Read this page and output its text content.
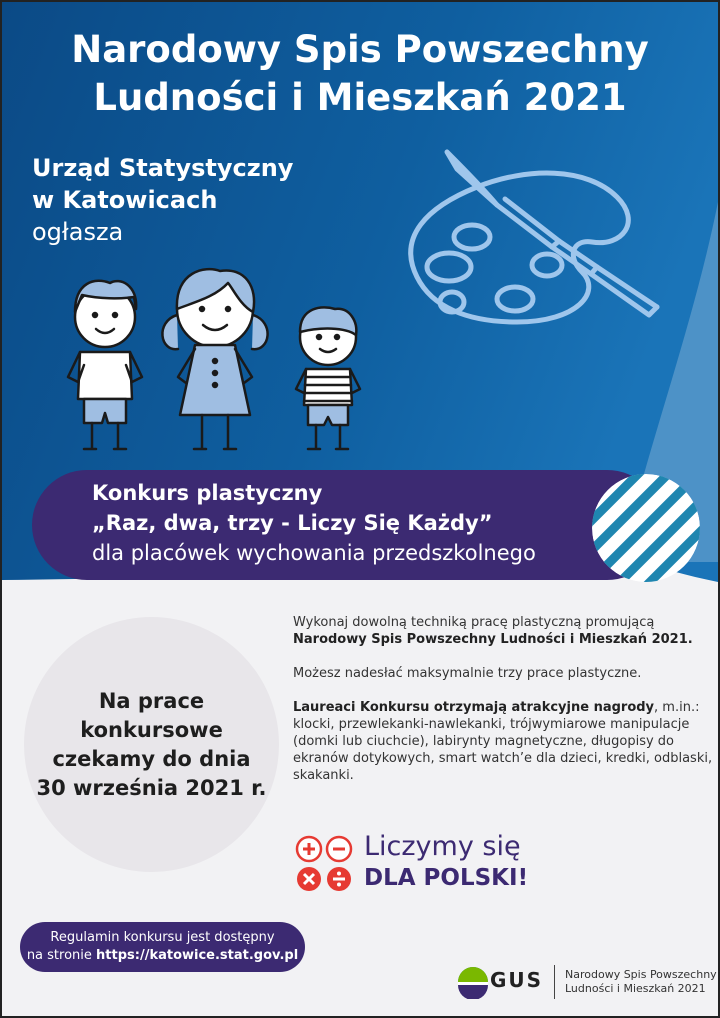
Narodowy Spis Powszechny
Ludności i Mieszkań 2021
Urząd Statystyczny
w Katowicach
ogłasza
Konkurs plastyczny
„Raz, dwa, trzy - Liczy Się Każdy”
dla placówek wychowania przedszkolnego
Na prace
konkursowe
czekamy do dnia
30 września 2021 r.

Wykonaj dowolną techniką pracę plastyczną promującą
Narodowy Spis Powszechny Ludności i Mieszkań 2021.

Możesz nadesłać maksymalnie trzy prace plastyczne.

Laureaci Konkursu otrzymają atrakcyjne nagrody, m.in.: klocki, przewlekanki-nawlekanki, trójwymiarowe manipulacje (domki lub ciuchcie), labirynty magnetyczne, długopisy do ekranów dotykowych, smart watch’e dla dzieci, kredki, odblaski, skakanki.

Liczymy się
DLA POLSKI!
Regulamin konkursu jest dostępny
na stronie https://katowice.stat.gov.pl
GUS Narodowy Spis Powszechny
Ludności i Mieszkań 2021
